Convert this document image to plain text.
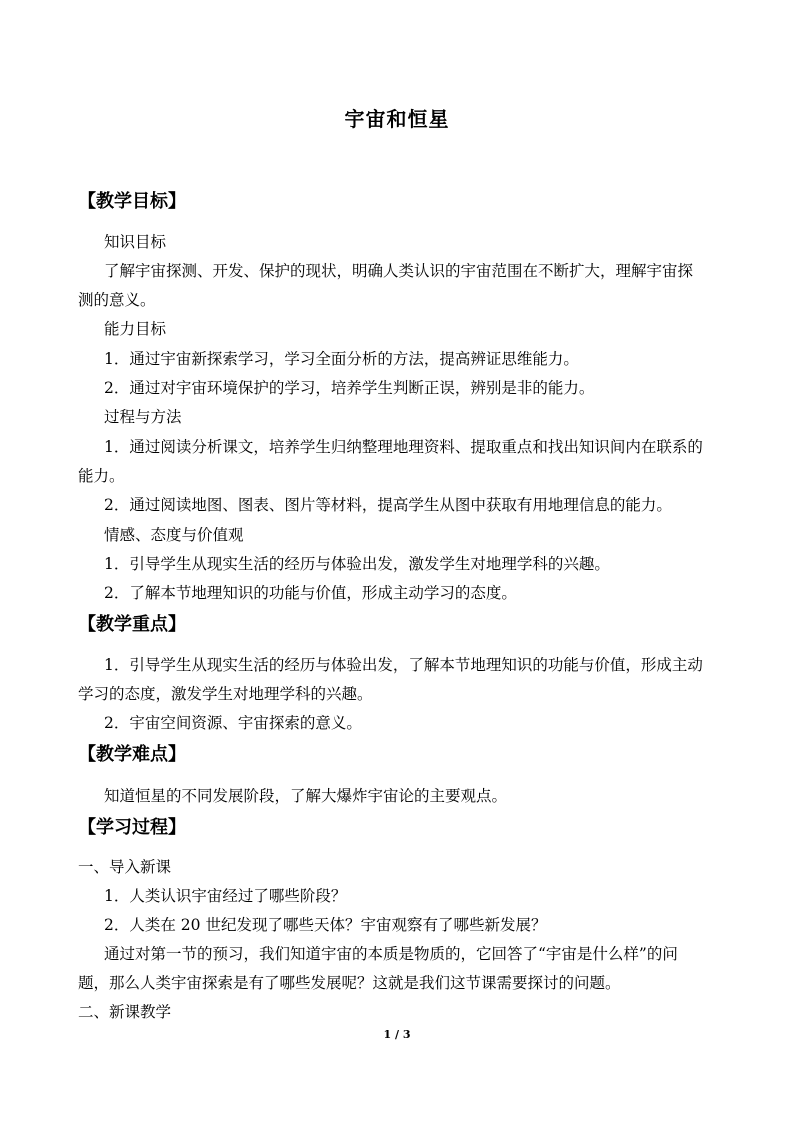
宇宙和恒星
【教学目标】
知识目标
了解宇宙探测、开发、保护的现状，明确人类认识的宇宙范围在不断扩大，理解宇宙探
测的意义。
能力目标
1．通过宇宙新探索学习，学习全面分析的方法，提高辨证思维能力。
2．通过对宇宙环境保护的学习，培养学生判断正误，辨别是非的能力。
过程与方法
1．通过阅读分析课文，培养学生归纳整理地理资料、提取重点和找出知识间内在联系的
能力。
2．通过阅读地图、图表、图片等材料，提高学生从图中获取有用地理信息的能力。
情感、态度与价值观
1．引导学生从现实生活的经历与体验出发，激发学生对地理学科的兴趣。
2．了解本节地理知识的功能与价值，形成主动学习的态度。
【教学重点】
1．引导学生从现实生活的经历与体验出发，了解本节地理知识的功能与价值，形成主动
学习的态度，激发学生对地理学科的兴趣。
2．宇宙空间资源、宇宙探索的意义。
【教学难点】
知道恒星的不同发展阶段，了解大爆炸宇宙论的主要观点。
【学习过程】
一、导入新课
1．人类认识宇宙经过了哪些阶段？
2．人类在 20 世纪发现了哪些天体？宇宙观察有了哪些新发展？
通过对第一节的预习，我们知道宇宙的本质是物质的，它回答了“宇宙是什么样”的问
题，那么人类宇宙探索是有了哪些发展呢？这就是我们这节课需要探讨的问题。
二、新课教学
1 / 3
